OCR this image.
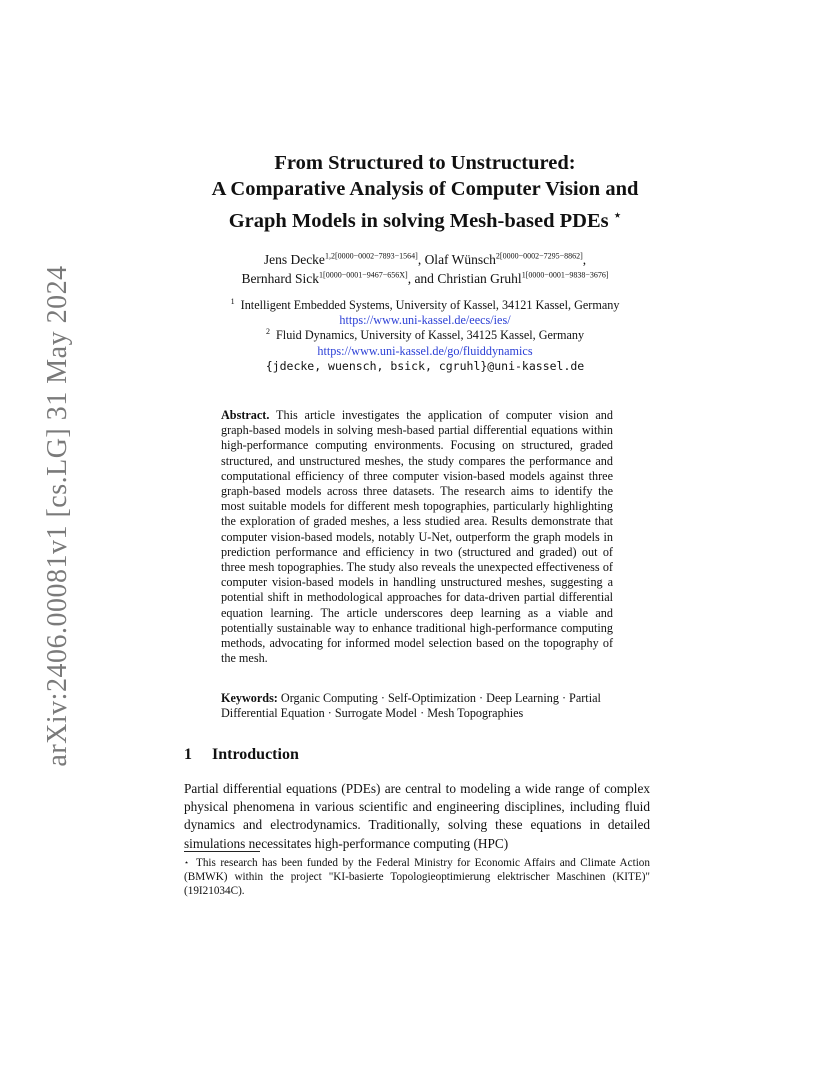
arXiv:2406.00081v1 [cs.LG] 31 May 2024
From Structured to Unstructured:
A Comparative Analysis of Computer Vision and
Graph Models in solving Mesh-based PDEs ⋆
Jens Decke$^{1,2[0000-0002-7893-1564]}$, Olaf Wünsch$^{2[0000-0002-7295-8862]}$,
Bernhard Sick$^{1[0000-0001-9467-656X]}$, and Christian Gruhl$^{1[0000-0001-9838-3676]}$
$^1$ Intelligent Embedded Systems, University of Kassel, 34121 Kassel, Germany
https://www.uni-kassel.de/eecs/ies/
$^2$ Fluid Dynamics, University of Kassel, 34125 Kassel, Germany
https://www.uni-kassel.de/go/fluiddynamics
{jdecke, wuensch, bsick, cgruhl}@uni-kassel.de
Abstract. This article investigates the application of computer vision and graph-based models in solving mesh-based partial differential equations within high-performance computing environments. Focusing on structured, graded structured, and unstructured meshes, the study compares the performance and computational efficiency of three computer vision-based models against three graph-based models across three datasets. The research aims to identify the most suitable models for different mesh topographies, particularly highlighting the exploration of graded meshes, a less studied area. Results demonstrate that computer vision-based models, notably U-Net, outperform the graph models in prediction performance and efficiency in two (structured and graded) out of three mesh topographies. The study also reveals the unexpected effectiveness of computer vision-based models in handling unstructured meshes, suggesting a potential shift in methodological approaches for data-driven partial differential equation learning. The article underscores deep learning as a viable and potentially sustainable way to enhance traditional high-performance computing methods, advocating for informed model selection based on the topography of the mesh.
Keywords: Organic Computing · Self-Optimization · Deep Learning · Partial Differential Equation · Surrogate Model · Mesh Topographies
1 Introduction
Partial differential equations (PDEs) are central to modeling a wide range of complex physical phenomena in various scientific and engineering disciplines, including fluid dynamics and electrodynamics. Traditionally, solving these equations in detailed simulations necessitates high-performance computing (HPC)
⋆ This research has been funded by the Federal Ministry for Economic Affairs and Climate Action (BMWK) within the project "KI-basierte Topologieoptimierung elektrischer Maschinen (KITE)" (19I21034C).
